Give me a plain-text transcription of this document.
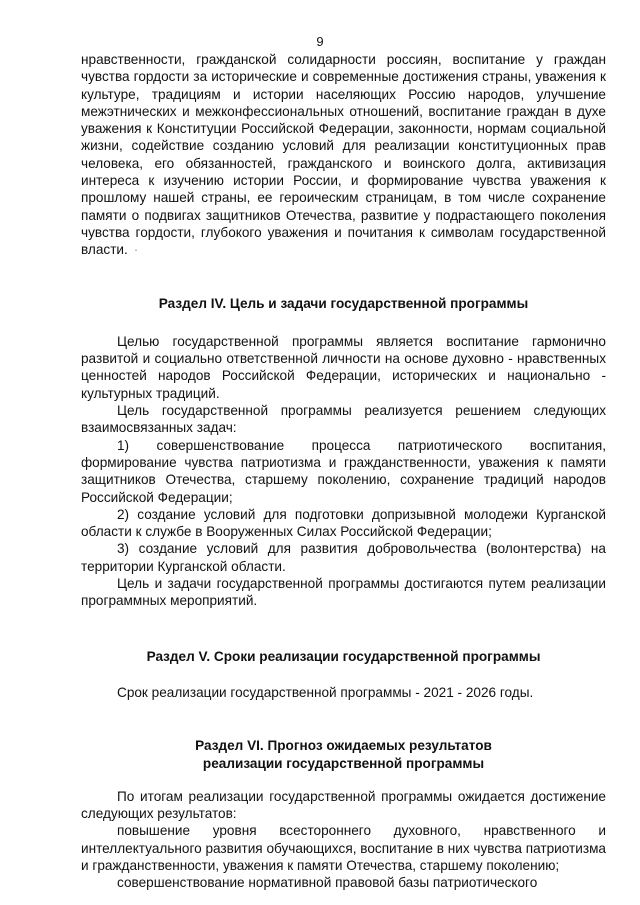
9

нравственности, гражданской солидарности россиян, воспитание у граждан чувства гордости за исторические и современные достижения страны, уважения к культуре, традициям и истории населяющих Россию народов, улучшение межэтнических и межконфессиональных отношений, воспитание граждан в духе уважения к Конституции Российской Федерации, законности, нормам социальной жизни, содействие созданию условий для реализации конституционных прав человека, его обязанностей, гражданского и воинского долга, активизация интереса к изучению истории России, и формирование чувства уважения к прошлому нашей страны, ее героическим страницам, в том числе сохранение памяти о подвигах защитников Отечества, развитие у подрастающего поколения чувства гордости, глубокого уважения и почитания к символам государственной власти. ·

Раздел IV. Цель и задачи государственной программы

Целью государственной программы является воспитание гармонично развитой и социально ответственной личности на основе духовно - нравственных ценностей народов Российской Федерации, исторических и национально - культурных традиций.

Цель государственной программы реализуется решением следующих взаимосвязанных задач:

1) совершенствование процесса патриотического воспитания, формирование чувства патриотизма и гражданственности, уважения к памяти защитников Отечества, старшему поколению, сохранение традиций народов Российской Федерации;

2) создание условий для подготовки допризывной молодежи Курганской области к службе в Вооруженных Силах Российской Федерации;

3) создание условий для развития добровольчества (волонтерства) на территории Курганской области.

Цель и задачи государственной программы достигаются путем реализации программных мероприятий.

Раздел V. Сроки реализации государственной программы

Срок реализации государственной программы - 2021 - 2026 годы.

Раздел VI. Прогноз ожидаемых результатов
реализации государственной программы

По итогам реализации государственной программы ожидается достижение следующих результатов:

повышение уровня всестороннего духовного, нравственного и интеллектуального развития обучающихся, воспитание в них чувства патриотизма и гражданственности, уважения к памяти Отечества, старшему поколению;

совершенствование нормативной правовой базы патриотического
